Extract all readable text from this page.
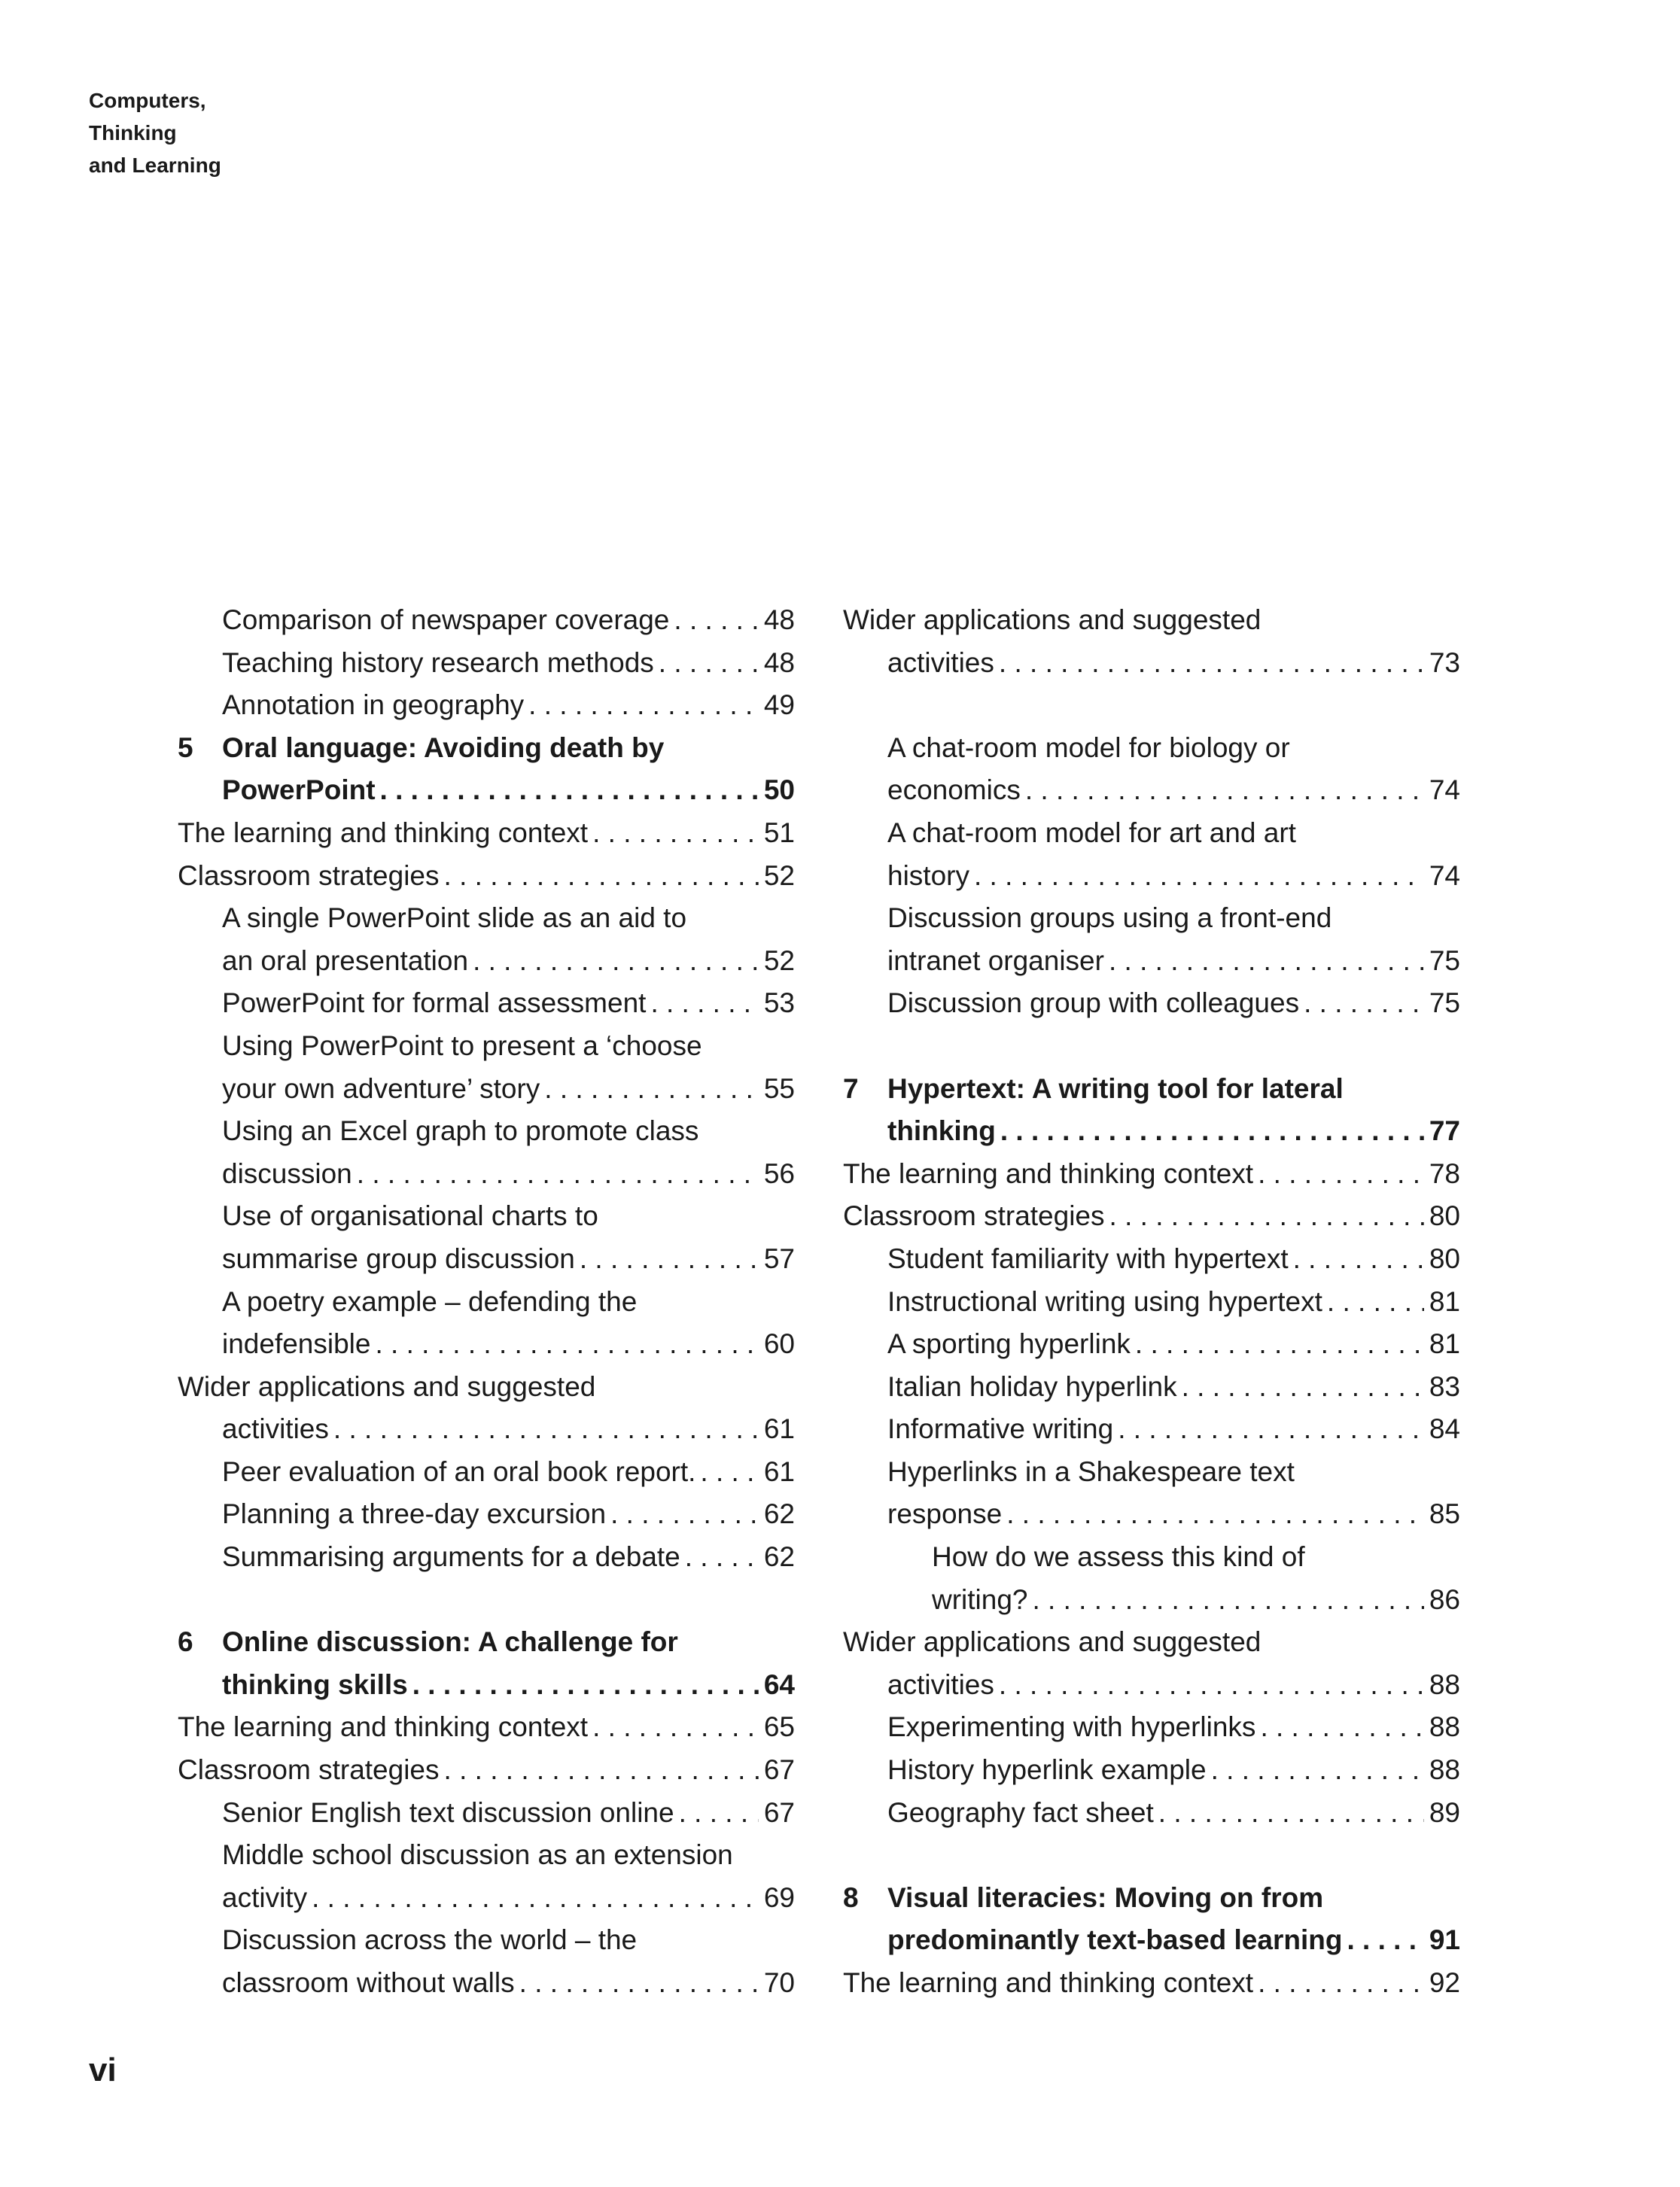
Computers,
Thinking
and Learning
Comparison of newspaper coverage . . .	48
Teaching history research methods . . .	48
Annotation in geography . . .	49
5	Oral language: Avoiding death by
PowerPoint . . .	50
The learning and thinking context . . .	51
Classroom strategies . . .	52
A single PowerPoint slide as an aid to
an oral presentation . . .	52
PowerPoint for formal assessment . . .	53
Using PowerPoint to present a ‘choose
your own adventure’ story . . .	55
Using an Excel graph to promote class
discussion . . .	56
Use of organisational charts to
summarise group discussion . . .	57
A poetry example – defending the
indefensible . . .	60
Wider applications and suggested
activities . . .	61
Peer evaluation of an oral book report. . . . 61
Planning a three-day excursion . . .	62
Summarising arguments for a debate . . .	62
6	Online discussion: A challenge for
thinking skills . . .	64
The learning and thinking context . . .	65
Classroom strategies . . .	67
Senior English text discussion online . . .	67
Middle school discussion as an extension
activity . . .	69
Discussion across the world – the
classroom without walls . . .	70
Wider applications and suggested
activities . . .	73
A chat-room model for biology or
economics . . .	74
A chat-room model for art and art
history . . .	74
Discussion groups using a front-end
intranet organiser . . .	75
Discussion group with colleagues . . .	75
7	Hypertext: A writing tool for lateral
thinking . . .	77
The learning and thinking context . . .	78
Classroom strategies . . .	80
Student familiarity with hypertext . . .	80
Instructional writing using hypertext . . .	81
A sporting hyperlink . . .	81
Italian holiday hyperlink . . .	83
Informative writing . . .	84
Hyperlinks in a Shakespeare text
response . . .	85
How do we assess this kind of
writing? . . .	86
Wider applications and suggested
activities . . .	88
Experimenting with hyperlinks . . .	88
History hyperlink example . . .	88
Geography fact sheet . . .	89
8	Visual literacies: Moving on from
predominantly text-based learning . . .	91
The learning and thinking context . . .	92
vi
